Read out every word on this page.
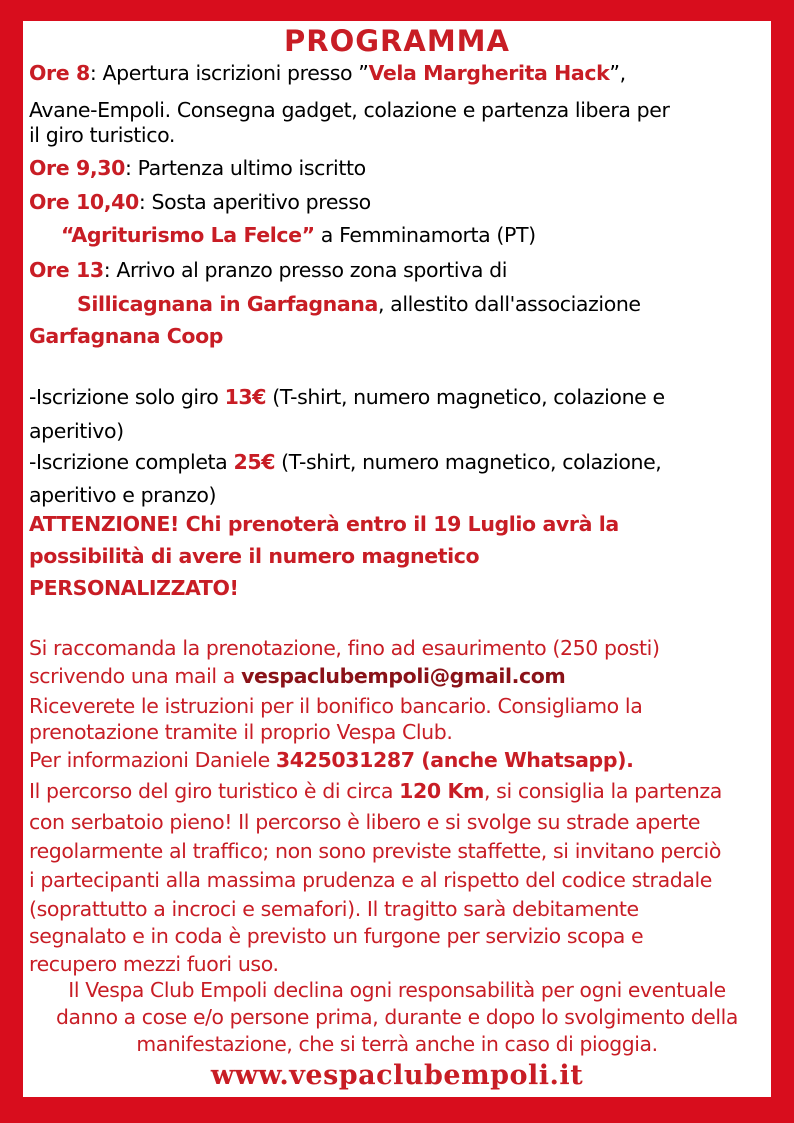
PROGRAMMA
Ore 8: Apertura iscrizioni presso ”Vela Margherita Hack”,
Avane-Empoli. Consegna gadget, colazione e partenza libera per
il giro turistico.
Ore 9,30: Partenza ultimo iscritto
Ore 10,40: Sosta aperitivo presso
“Agriturismo La Felce” a Femminamorta (PT)
Ore 13: Arrivo al pranzo presso zona sportiva di
Sillicagnana in Garfagnana, allestito dall'associazione
Garfagnana Coop
-Iscrizione solo giro 13€ (T-shirt, numero magnetico, colazione e
aperitivo)
-Iscrizione completa 25€ (T-shirt, numero magnetico, colazione,
aperitivo e pranzo)
ATTENZIONE! Chi prenoterà entro il 19 Luglio avrà la
possibilità di avere il numero magnetico
PERSONALIZZATO!
Si raccomanda la prenotazione, fino ad esaurimento (250 posti)
scrivendo una mail a vespaclubempoli@gmail.com
Riceverete le istruzioni per il bonifico bancario. Consigliamo la
prenotazione tramite il proprio Vespa Club.
Per informazioni Daniele 3425031287 (anche Whatsapp).
Il percorso del giro turistico è di circa 120 Km, si consiglia la partenza
con serbatoio pieno! Il percorso è libero e si svolge su strade aperte
regolarmente al traffico; non sono previste staffette, si invitano perciò
i partecipanti alla massima prudenza e al rispetto del codice stradale
(soprattutto a incroci e semafori). Il tragitto sarà debitamente
segnalato e in coda è previsto un furgone per servizio scopa e
recupero mezzi fuori uso.
Il Vespa Club Empoli declina ogni responsabilità per ogni eventuale
danno a cose e/o persone prima, durante e dopo lo svolgimento della
manifestazione, che si terrà anche in caso di pioggia.
www.vespaclubempoli.it
